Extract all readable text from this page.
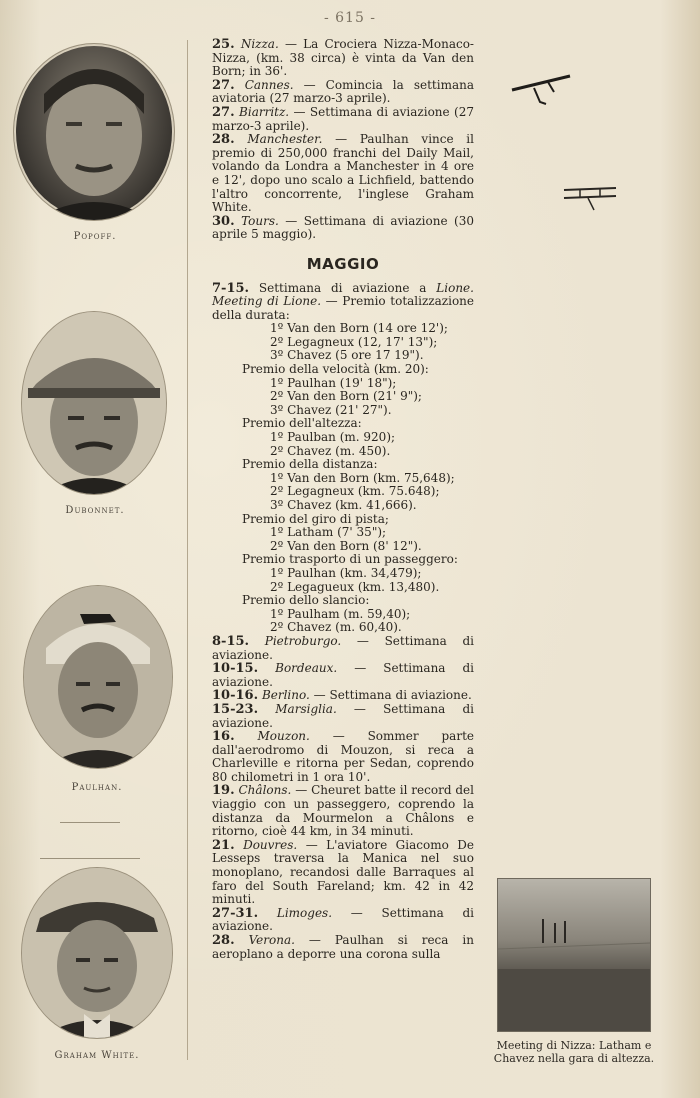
- 615 -
Popoff.
Dubonnet.
Paulhan.
Graham White.

25. Nizza. — La Crociera Nizza-Monaco-Nizza, (km. 38 circa) è vinta da Van den Born; in 36'.

27. Cannes. — Comincia la settimana aviatoria (27 marzo-3 aprile).

27. Biarritz. — Settimana di aviazione (27 marzo-3 aprile).

28. Manchester. — Paulhan vince il premio di 250,000 franchi del Daily Mail, volando da Londra a Manchester in 4 ore e 12', dopo uno scalo a Lichfield, battendo l'altro concorrente, l'inglese Graham White.

30. Tours. — Settimana di aviazione (30 aprile 5 maggio).

MAGGIO

7-15. Settimana di aviazione a Lione. Meeting di Lione. — Premio totalizzazione della durata:

1º Van den Born (14 ore 12');

2º Legagneux (12, 17' 13");

3º Chavez (5 ore 17 19").

Premio della velocità (km. 20):

1º Paulhan (19' 18");

2º Van den Born (21' 9");

3º Chavez (21' 27").

Premio dell'altezza:

1º Paulban (m. 920);

2º Chavez (m. 450).

Premio della distanza:

1º Van den Born (km. 75,648);

2º Legagneux (km. 75.648);

3º Chavez (km. 41,666).

Premio del giro di pista;

1º Latham (7' 35");

2º Van den Born (8' 12").

Premio trasporto di un passeggero:

1º Paulhan (km. 34,479);

2º Legagueux (km. 13,480).

Premio dello slancio:

1º Paulham (m. 59,40);

2º Chavez (m. 60,40).

8-15. Pietroburgo. — Settimana di aviazione.

10-15. Bordeaux. — Settimana di aviazione.

10-16. Berlino. — Settimana di aviazione.

15-23. Marsiglia. — Settimana di aviazione.

16. Mouzon. — Sommer parte dall'aerodromo di Mouzon, si reca a Charleville e ritorna per Sedan, coprendo 80 chilometri in 1 ora 10'.

19. Châlons. — Cheuret batte il record del viaggio con un passeggero, coprendo la distanza da Mourmelon a Châlons e ritorno, cioè 44 km, in 34 minuti.

21. Douvres. — L'aviatore Giacomo De Lesseps traversa la Manica nel suo monoplano, recandosi dalle Barraques al faro del South Fareland; km. 42 in 42 minuti.

27-31. Limoges. — Settimana di aviazione.

28. Verona. — Paulhan si reca in aeroplano a deporre una corona sulla

Meeting di Nizza: Latham e Chavez nella gara di altezza.
